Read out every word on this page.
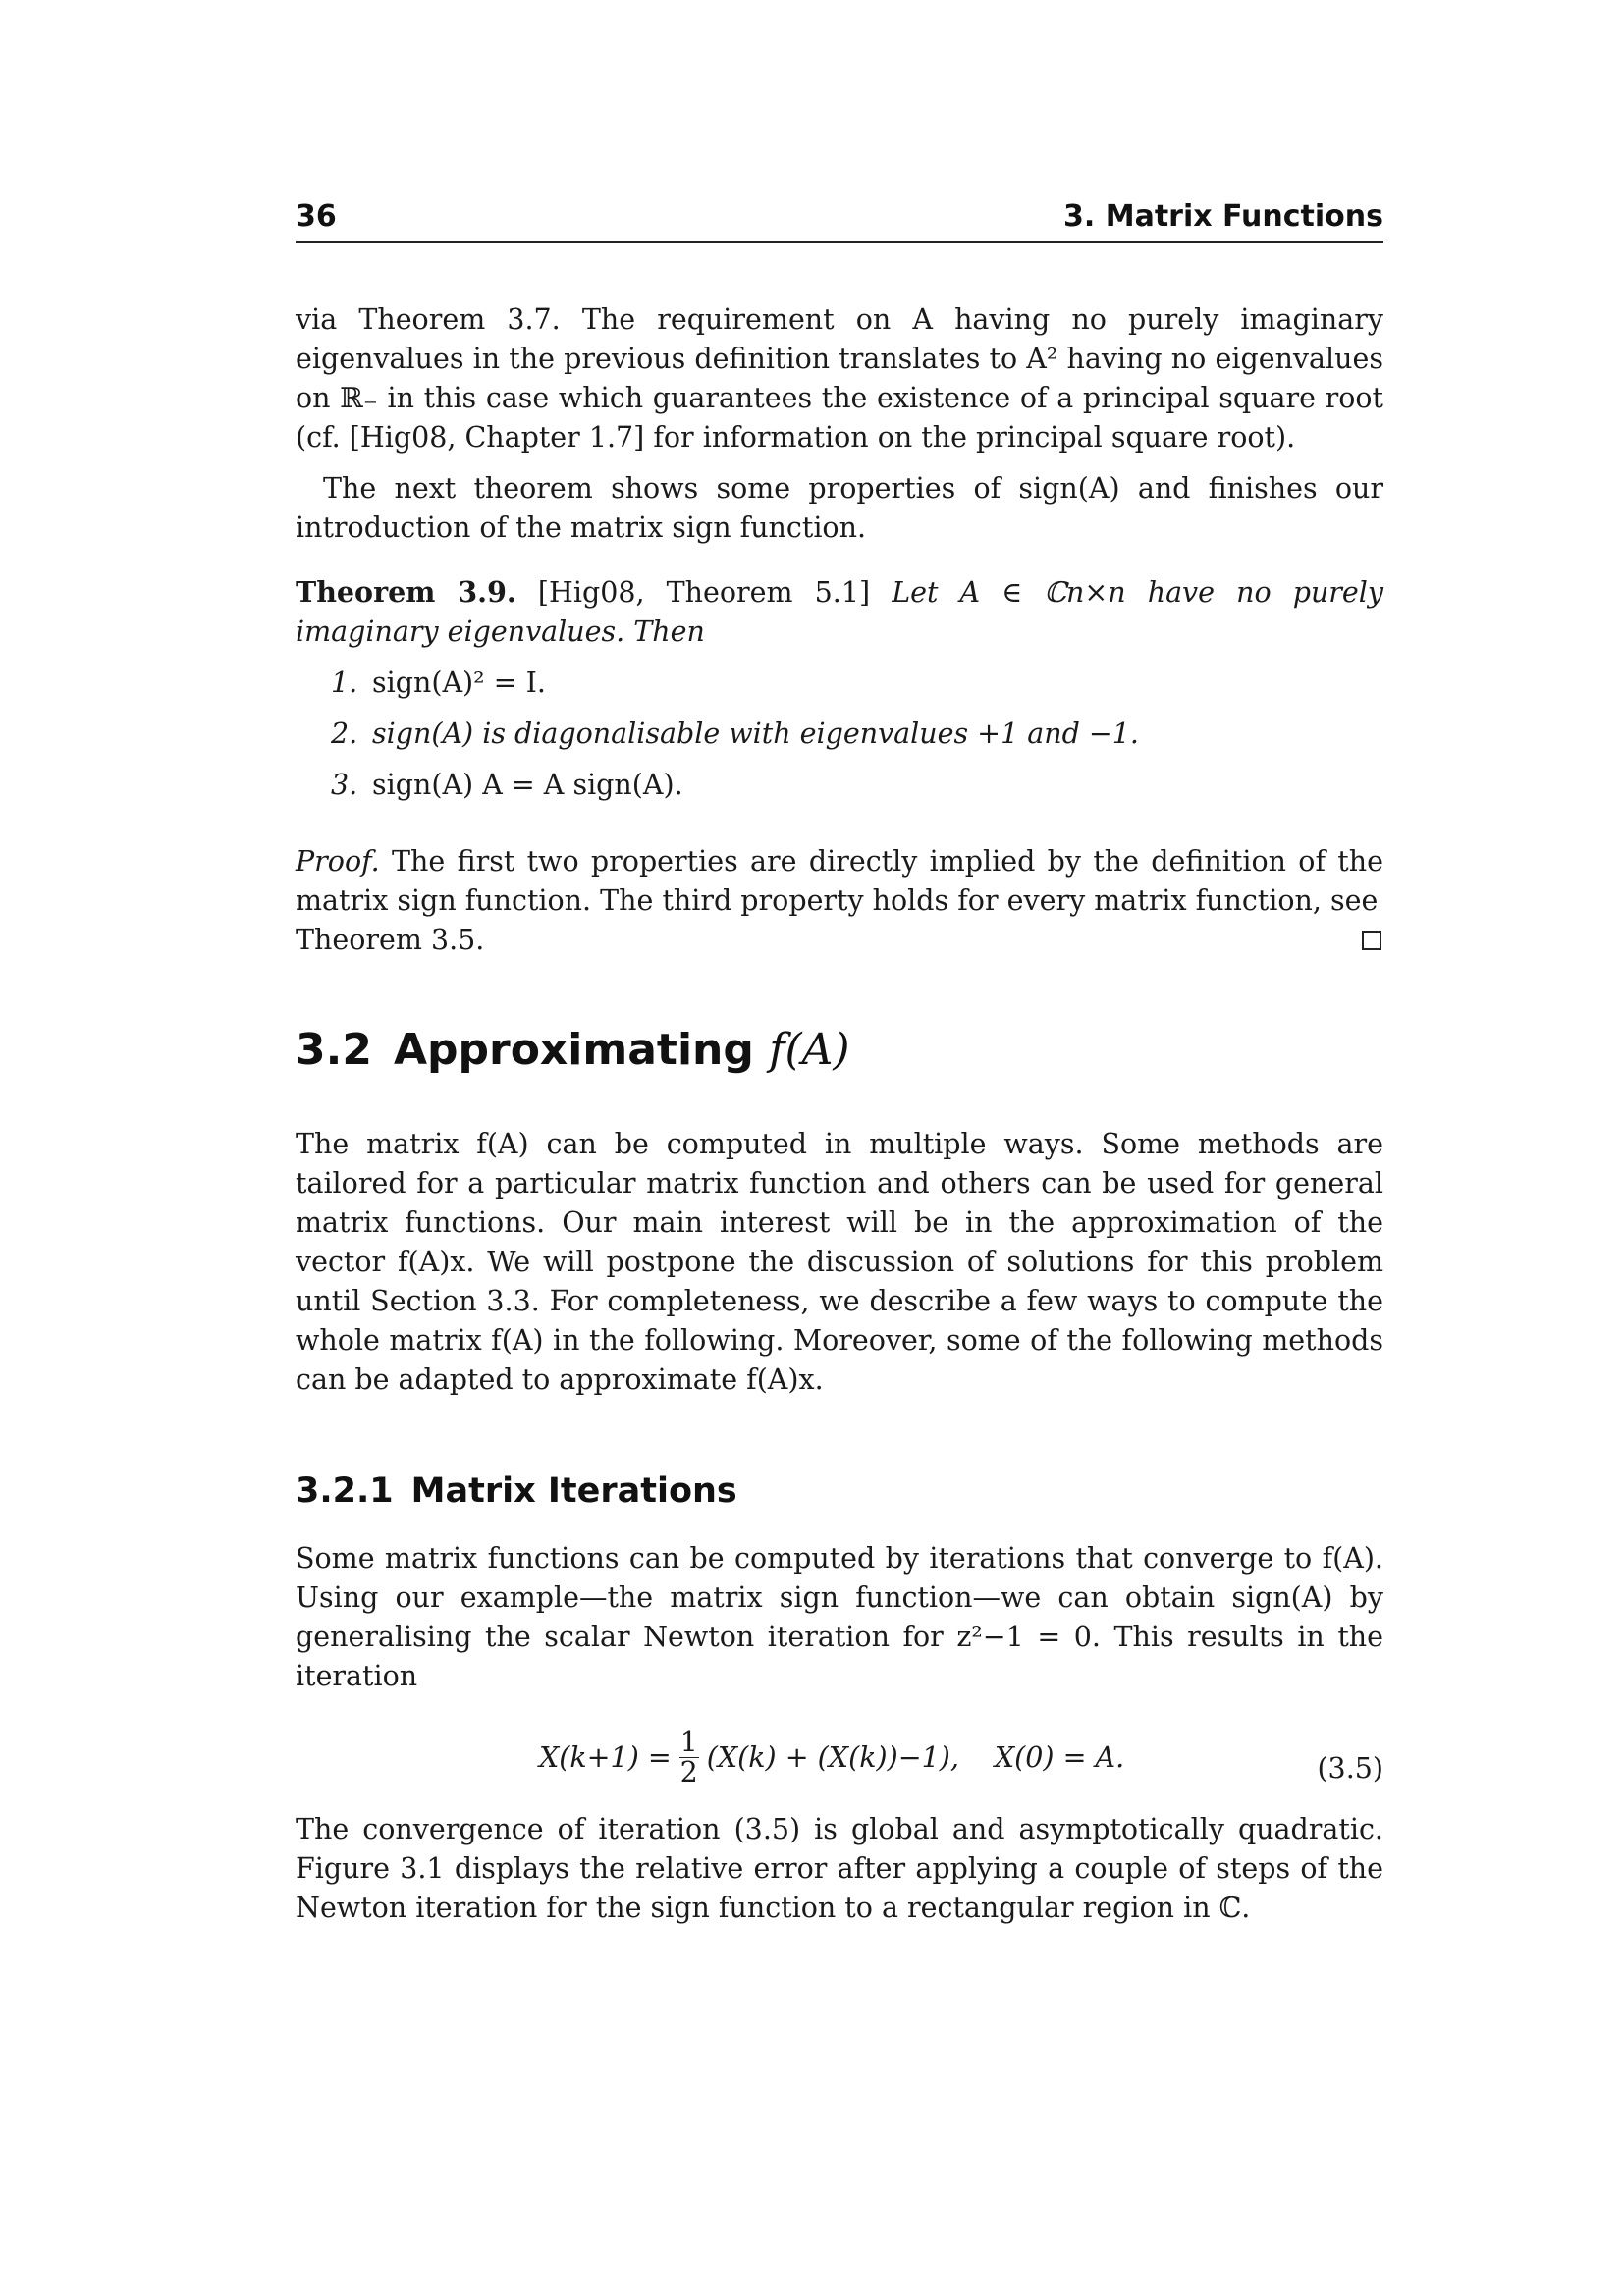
36	3. Matrix Functions

via Theorem 3.7. The requirement on A having no purely imaginary eigenvalues in the previous definition translates to A² having no eigenvalues on ℝ₋ in this case which guarantees the existence of a principal square root (cf. [Hig08, Chapter 1.7] for information on the principal square root).

The next theorem shows some properties of sign(A) and finishes our introduction of the matrix sign function.

Theorem 3.9. [Hig08, Theorem 5.1] Let A ∈ ℂn×n have no purely imaginary eigenvalues. Then

1. sign(A)² = I.
2. sign(A) is diagonalisable with eigenvalues +1 and −1.
3. sign(A) A = A sign(A).

Proof. The first two properties are directly implied by the definition of the matrix sign function. The third property holds for every matrix function, see

Theorem 3.5.
3.2 Approximating f(A)

The matrix f(A) can be computed in multiple ways. Some methods are tailored for a particular matrix function and others can be used for general matrix functions. Our main interest will be in the approximation of the vector f(A)x. We will postpone the discussion of solutions for this problem until Section 3.3. For completeness, we describe a few ways to compute the whole matrix f(A) in the following. Moreover, some of the following methods can be adapted to approximate f(A)x.

3.2.1 Matrix Iterations

Some matrix functions can be computed by iterations that converge to f(A). Using our example—the matrix sign function—we can obtain sign(A) by generalising the scalar Newton iteration for z²−1 = 0. This results in the iteration

$X(k+1) = \frac{1}{2} (X(k) + (X(k))-1)$, X(0) = A.	(3.5)

The convergence of iteration (3.5) is global and asymptotically quadratic. Figure 3.1 displays the relative error after applying a couple of steps of the Newton iteration for the sign function to a rectangular region in ℂ.
